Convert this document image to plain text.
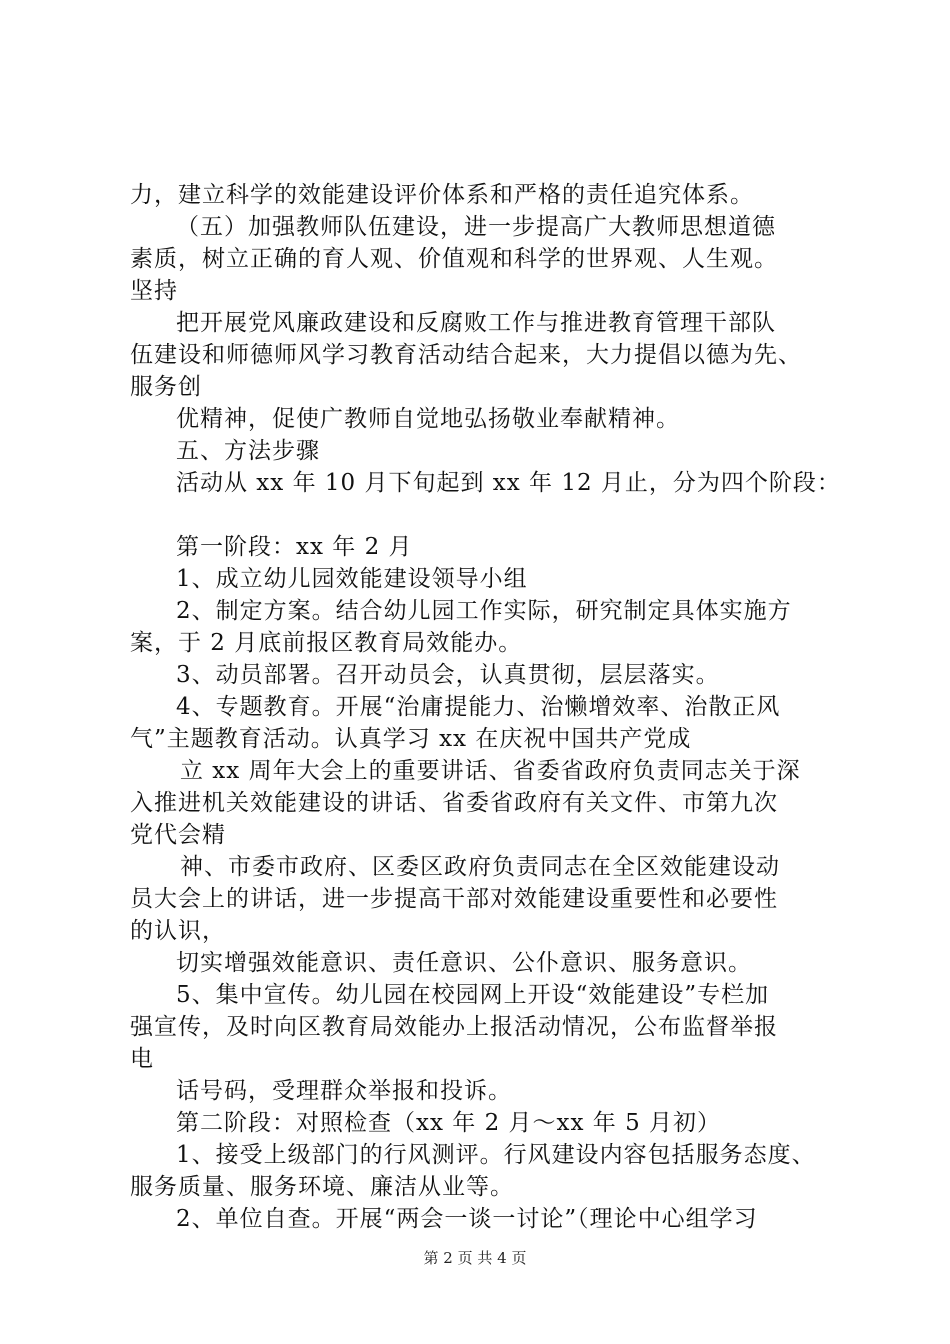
力，建立科学的效能建设评价体系和严格的责任追究体系。
（五）加强教师队伍建设，进一步提高广大教师思想道德
素质，树立正确的育人观、价值观和科学的世界观、人生观。
坚持
把开展党风廉政建设和反腐败工作与推进教育管理干部队
伍建设和师德师风学习教育活动结合起来，大力提倡以德为先、
服务创
优精神，促使广教师自觉地弘扬敬业奉献精神。
五、方法步骤
活动从 xx 年 10 月下旬起到 xx 年 12 月止，分为四个阶段：
第一阶段：xx 年 2 月
1、成立幼儿园效能建设领导小组
2、制定方案。结合幼儿园工作实际，研究制定具体实施方
案，于 2 月底前报区教育局效能办。
3、动员部署。召开动员会，认真贯彻，层层落实。
4、专题教育。开展“治庸提能力、治懒增效率、治散正风
气”主题教育活动。认真学习 xx 在庆祝中国共产党成
立 xx 周年大会上的重要讲话、省委省政府负责同志关于深
入推进机关效能建设的讲话、省委省政府有关文件、市第九次
党代会精
神、市委市政府、区委区政府负责同志在全区效能建设动
员大会上的讲话，进一步提高干部对效能建设重要性和必要性
的认识，
切实增强效能意识、责任意识、公仆意识、服务意识。
5、集中宣传。幼儿园在校园网上开设“效能建设”专栏加
强宣传，及时向区教育局效能办上报活动情况，公布监督举报
电
话号码，受理群众举报和投诉。
第二阶段：对照检查（xx 年 2 月～xx 年 5 月初）
1、接受上级部门的行风测评。行风建设内容包括服务态度、
服务质量、服务环境、廉洁从业等。
2、单位自查。开展“两会一谈一讨论”（理论中心组学习
第 2 页 共 4 页
